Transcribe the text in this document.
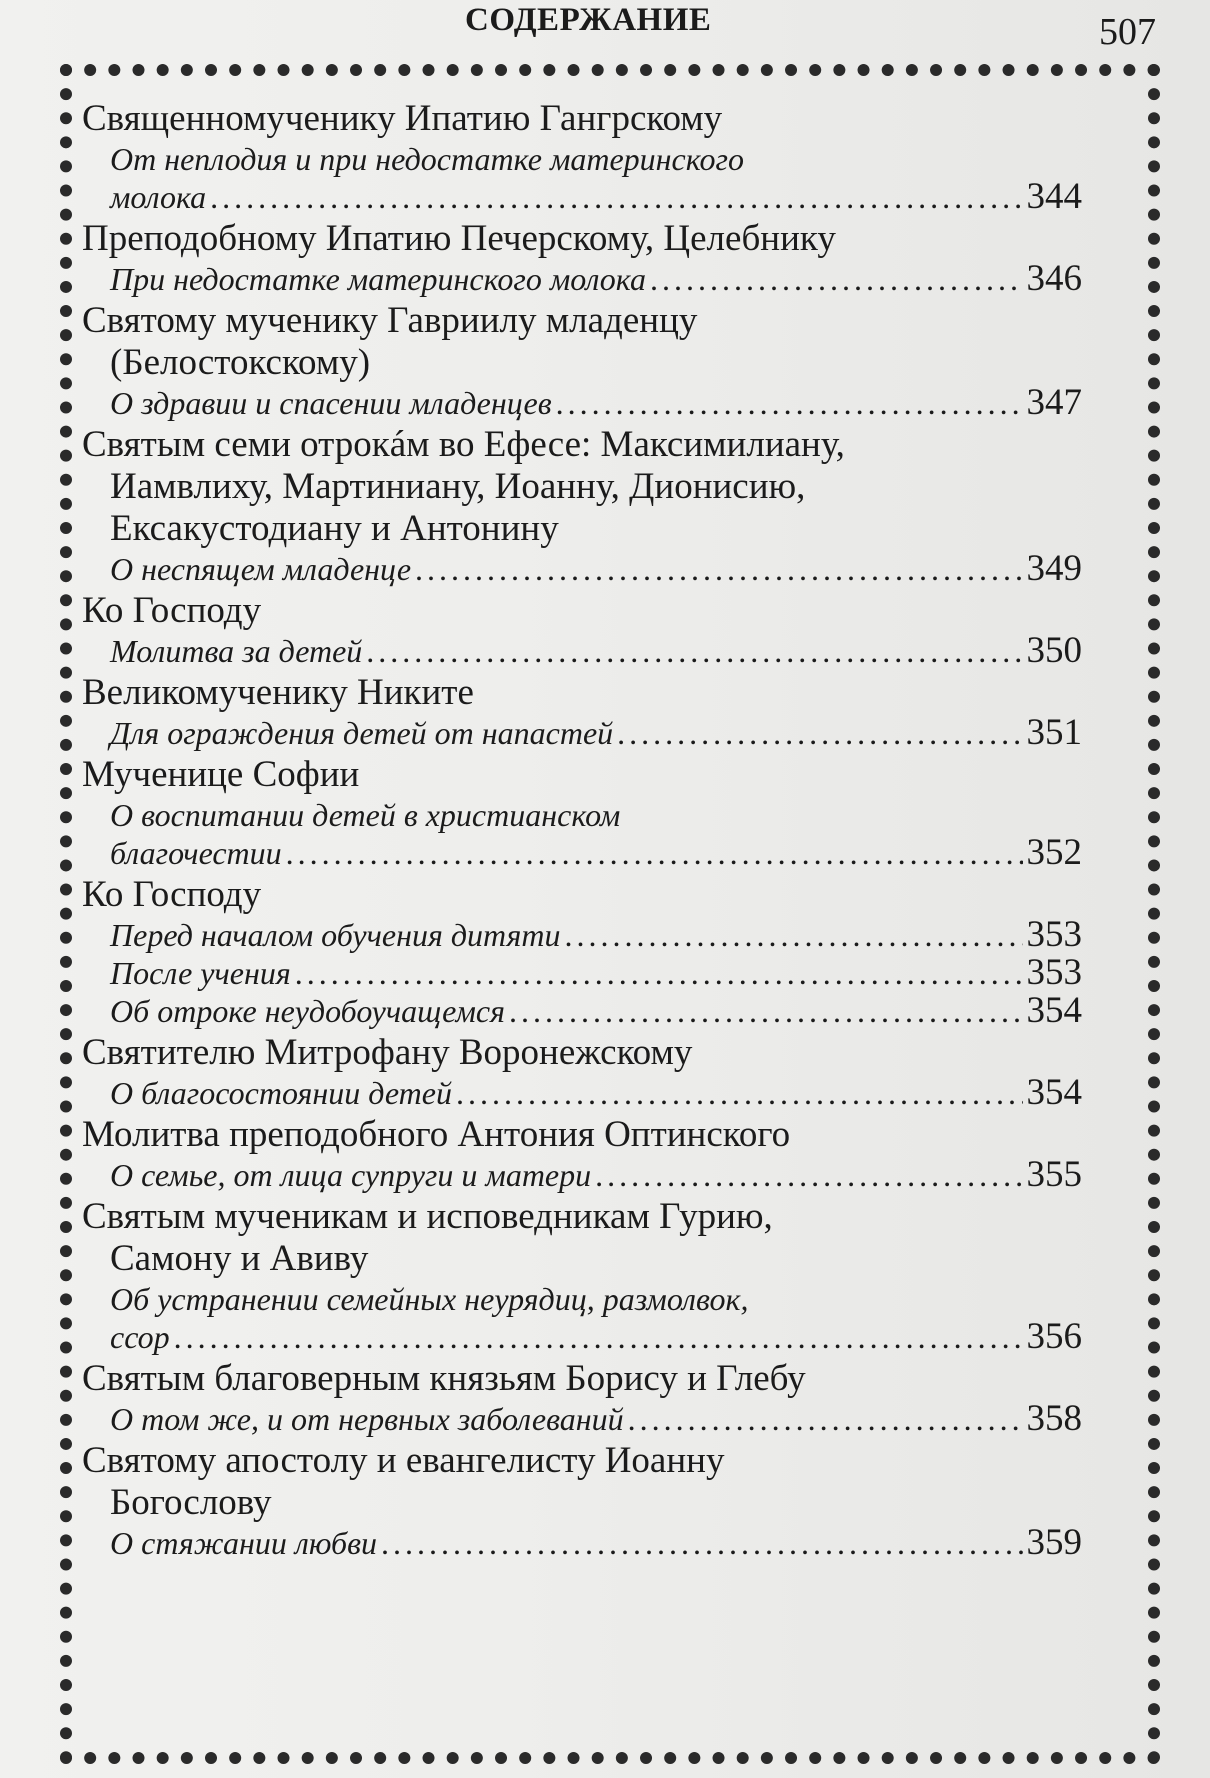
СОДЕРЖАНИЕ	507
Священномученику Ипатию Гангрскому
От неплодия и при недостатке материнского
молока . . .	344
Преподобному Ипатию Печерскому, Целебнику
При недостатке материнского молока . . .	346
Святому мученику Гавриилу младенцу
(Белостокскому)
О здравии и спасении младенцев . . .	347
Святым семи отрокáм во Ефесе: Максимилиану,
Иамвлиху, Мартиниану, Иоанну, Дионисию,
Ексакустодиану и Антонину
О неспящем младенце . . .	349
Ко Господу
Молитва за детей . . .	350
Великомученику Никите
Для ограждения детей от напастей . . .	351
Мученице Софии
О воспитании детей в христианском
благочестии . . .	352
Ко Господу
Перед началом обучения дитяти . . .	353
После учения . . .	353
Об отроке неудобоучащемся . . .	354
Святителю Митрофану Воронежскому
О благосостоянии детей . . .	354
Молитва преподобного Антония Оптинского
О семье, от лица супруги и матери . . .	355
Святым мученикам и исповедникам Гурию,
Самону и Авиву
Об устранении семейных неурядиц, размолвок,
ссор . . .	356
Святым благоверным князьям Борису и Глебу
О том же, и от нервных заболеваний . . .	358
Святому апостолу и евангелисту Иоанну
Богослову
О стяжании любви . . .	359
